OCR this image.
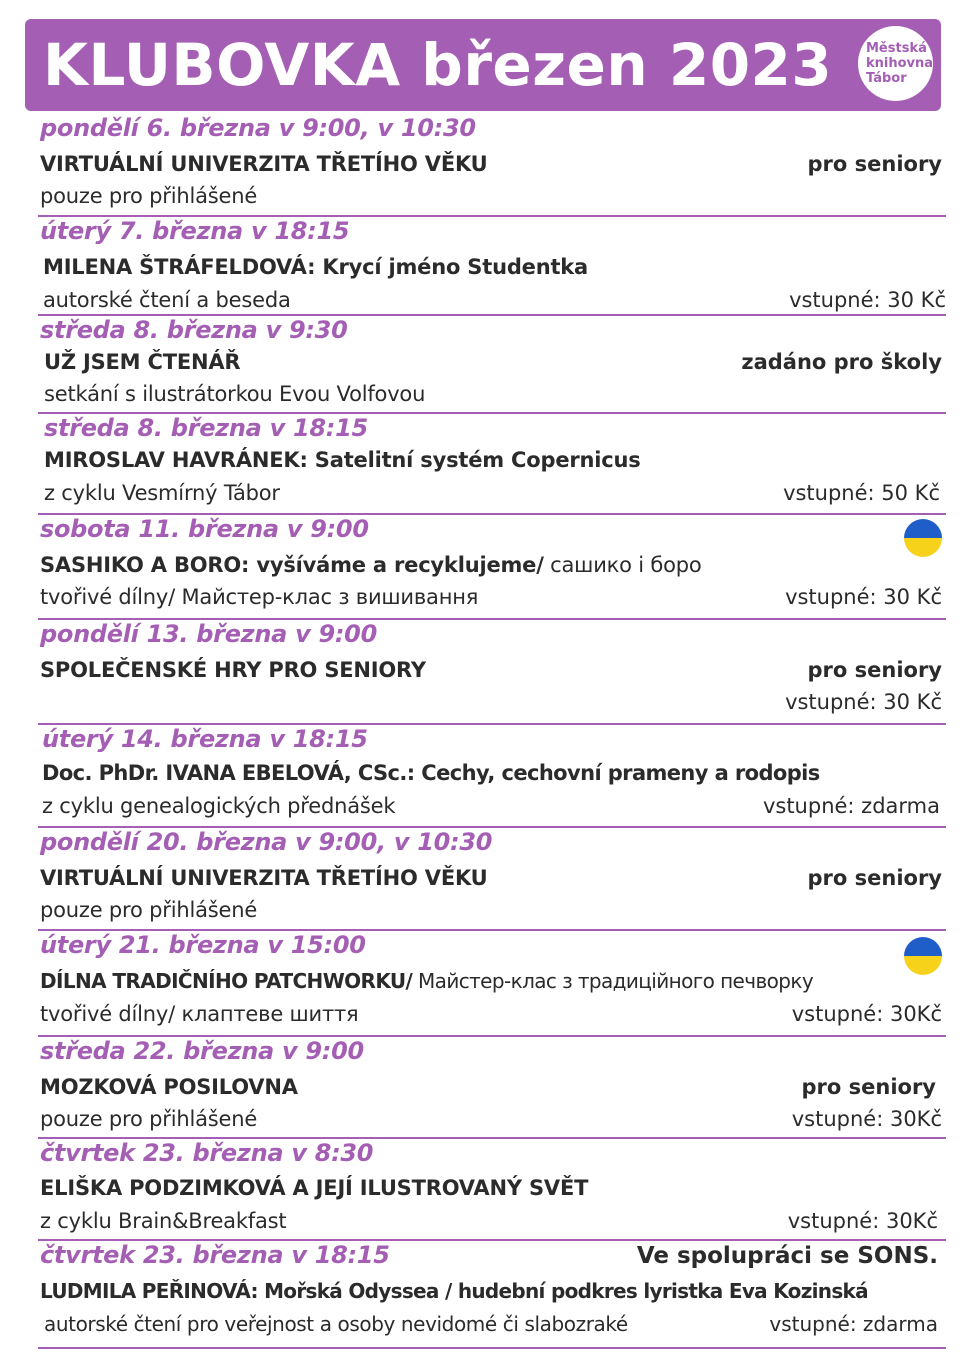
KLUBOVKA březen 2023	Městská
knihovna
Tábor
pondělí 6. března v 9:00, v 10:30
VIRTUÁLNÍ UNIVERZITA TŘETÍHO VĚKU	pro seniory
pouze pro přihlášené
úterý 7. března v 18:15
MILENA ŠTRÁFELDOVÁ: Krycí jméno Studentka
autorské čtení a beseda	vstupné: 30 Kč
středa 8. března v 9:30
UŽ JSEM ČTENÁŘ	zadáno pro školy
setkání s ilustrátorkou Evou Volfovou
středa 8. března v 18:15
MIROSLAV HAVRÁNEK: Satelitní systém Copernicus
z cyklu Vesmírný Tábor	vstupné: 50 Kč
sobota 11. března v 9:00
SASHIKO A BORO: vyšíváme a recyklujeme/ сашико і боро
tvořivé dílny/ Майстер-клас з вишивання	vstupné: 30 Kč
pondělí 13. března v 9:00
SPOLEČENSKÉ HRY PRO SENIORY	pro seniory
vstupné: 30 Kč
úterý 14. března v 18:15
Doc. PhDr. IVANA EBELOVÁ, CSc.: Cechy, cechovní prameny a rodopis
z cyklu genealogických přednášek	vstupné: zdarma
pondělí 20. března v 9:00, v 10:30
VIRTUÁLNÍ UNIVERZITA TŘETÍHO VĚKU	pro seniory
pouze pro přihlášené
úterý 21. března v 15:00
DÍLNA TRADIČNÍHO PATCHWORKU/ Майстер-клас з традиційного печворку
tvořivé dílny/ клаптеве шиття	vstupné: 30Kč
středa 22. března v 9:00
MOZKOVÁ POSILOVNA	pro seniory
pouze pro přihlášené	vstupné: 30Kč
čtvrtek 23. března v 8:30
ELIŠKA PODZIMKOVÁ A JEJÍ ILUSTROVANÝ SVĚT
z cyklu Brain&Breakfast	vstupné: 30Kč
čtvrtek 23. března v 18:15	Ve spolupráci se SONS.
LUDMILA PEŘINOVÁ: Mořská Odyssea / hudební podkres lyristka Eva Kozinská
autorské čtení pro veřejnost a osoby nevidomé či slabozraké	vstupné: zdarma
